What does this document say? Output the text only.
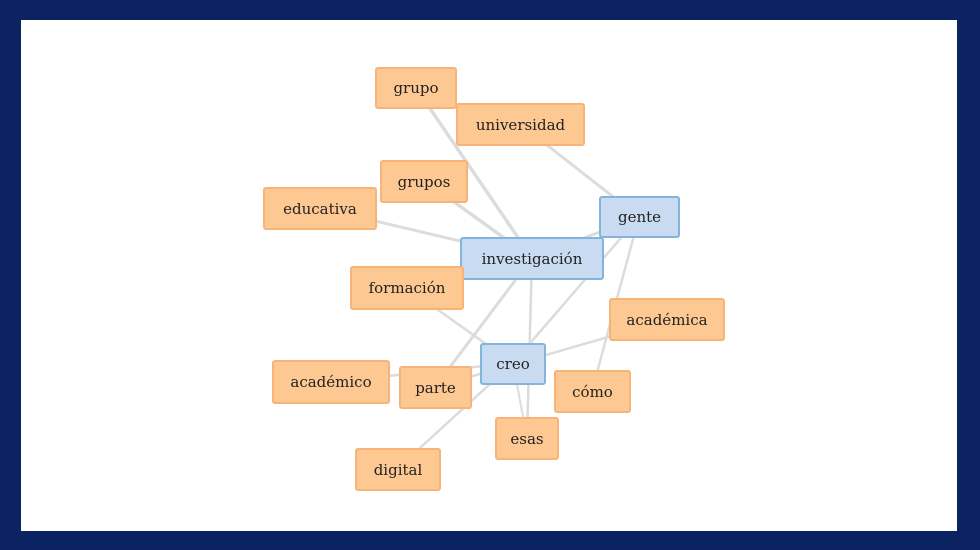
grupo
universidad
grupos
educativa	gente
investigación
formación
académica
creo
académico	parte	cómo
esas
digital
